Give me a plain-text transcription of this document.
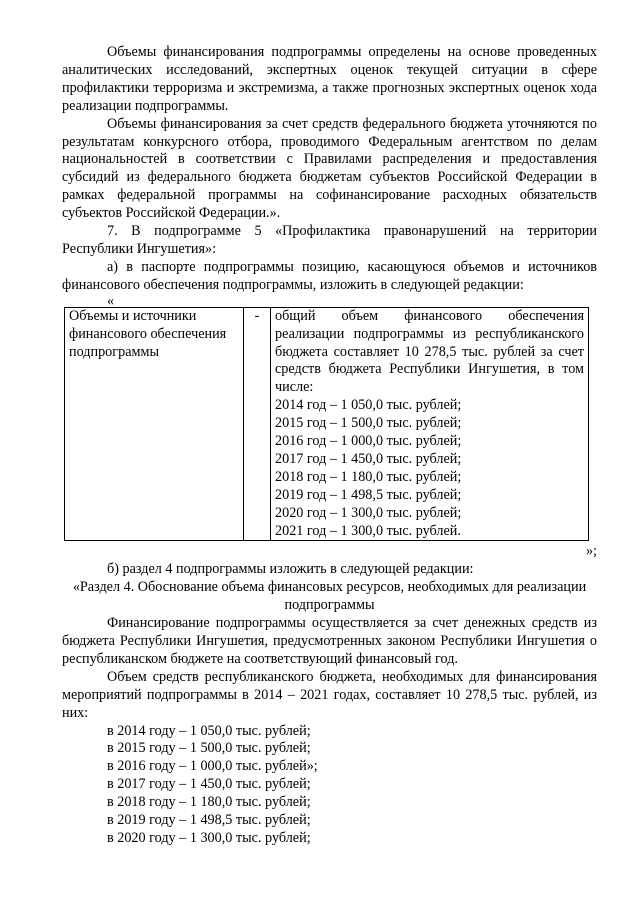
Объемы финансирования подпрограммы определены на основе проведенных аналитических исследований, экспертных оценок текущей ситуации в сфере профилактики терроризма и экстремизма, а также прогнозных экспертных оценок хода реализации подпрограммы.

Объемы финансирования за счет средств федерального бюджета уточняются по результатам конкурсного отбора, проводимого Федеральным агентством по делам национальностей в соответствии с Правилами распределения и предоставления субсидий из федерального бюджета бюджетам субъектов Российской Федерации в рамках федеральной программы на софинансирование расходных обязательств субъектов Российской Федерации.».

7. В подпрограмме 5 «Профилактика правонарушений на территории Республики Ингушетия»:

а) в паспорте подпрограммы позицию, касающуюся объемов и источников финансового обеспечения подпрограммы, изложить в следующей редакции:

«

Объемы и источники финансового обеспечения подпрограммы	-	общий объем финансового обеспечения реализации подпрограммы из республиканского бюджета составляет 10 278,5 тыс. рублей за счет средств бюджета Республики Ингушетия, в том числе:
2014 год – 1 050,0 тыс. рублей;
2015 год – 1 500,0 тыс. рублей;
2016 год – 1 000,0 тыс. рублей;
2017 год – 1 450,0 тыс. рублей;
2018 год – 1 180,0 тыс. рублей;
2019 год – 1 498,5 тыс. рублей;
2020 год – 1 300,0 тыс. рублей;
2021 год – 1 300,0 тыс. рублей.

»;

б) раздел 4 подпрограммы изложить в следующей редакции:

«Раздел 4. Обоснование объема финансовых ресурсов, необходимых для реализации подпрограммы

Финансирование подпрограммы осуществляется за счет денежных средств из бюджета Республики Ингушетия, предусмотренных законом Республики Ингушетия о республиканском бюджете на соответствующий финансовый год.

Объем средств республиканского бюджета, необходимых для финансирования мероприятий подпрограммы в 2014 – 2021 годах, составляет 10 278,5 тыс. рублей, из них:

в 2014 году – 1 050,0 тыс. рублей;

в 2015 году – 1 500,0 тыс. рублей;

в 2016 году – 1 000,0 тыс. рублей»;

в 2017 году – 1 450,0 тыс. рублей;

в 2018 году – 1 180,0 тыс. рублей;

в 2019 году – 1 498,5 тыс. рублей;

в 2020 году – 1 300,0 тыс. рублей;
